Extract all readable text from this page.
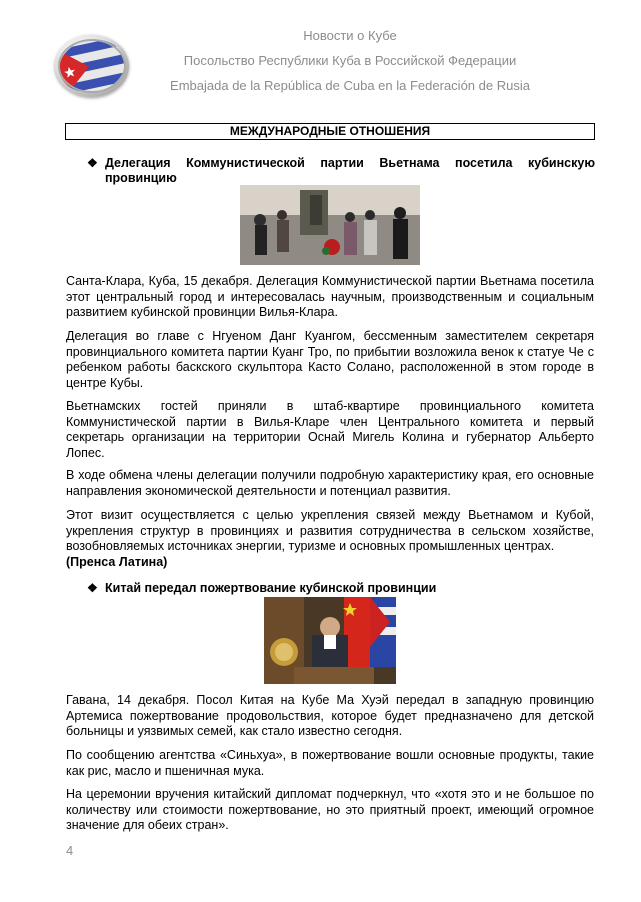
Новости о Кубе
Посольство Республики Куба в Российской Федерации
Embajada de la República de Cuba en la Federación de Rusia
МЕЖДУНАРОДНЫЕ ОТНОШЕНИЯ
❖ Делегация Коммунистической партии Вьетнама посетила кубинскую провинцию
Санта-Клара, Куба, 15 декабря. Делегация Коммунистической партии Вьетнама посетила этот центральный город и интересовалась научным, производственным и социальным развитием кубинской провинции Вилья-Клара.
Делегация во главе с Нгуеном Данг Куангом, бессменным заместителем секретаря провинциального комитета партии Куанг Тро, по прибытии возложила венок к статуе Че с ребенком работы баскского скульптора Касто Солано, расположенной в этом городе в центре Кубы.
Вьетнамских гостей приняли в штаб-квартире провинциального комитета Коммунистической партии в Вилья-Кларе член Центрального комитета и первый секретарь организации на территории Оснай Мигель Колина и губернатор Альберто Лопес.
В ходе обмена члены делегации получили подробную характеристику края, его основные направления экономической деятельности и потенциал развития.
Этот визит осуществляется с целью укрепления связей между Вьетнамом и Кубой, укрепления структур в провинциях и развития сотрудничества в сельском хозяйстве, возобновляемых источниках энергии, туризме и основных промышленных центрах.
(Пренса Латина)
❖ Китай передал пожертвование кубинской провинции
Гавана, 14 декабря. Посол Китая на Кубе Ма Хуэй передал в западную провинцию Артемиса пожертвование продовольствия, которое будет предназначено для детской больницы и уязвимых семей, как стало известно сегодня.
По сообщению агентства «Синьхуа», в пожертвование вошли основные продукты, такие как рис, масло и пшеничная мука.
На церемонии вручения китайский дипломат подчеркнул, что «хотя это и не большое по количеству или стоимости пожертвование, но это приятный проект, имеющий огромное значение для обеих стран».
4
